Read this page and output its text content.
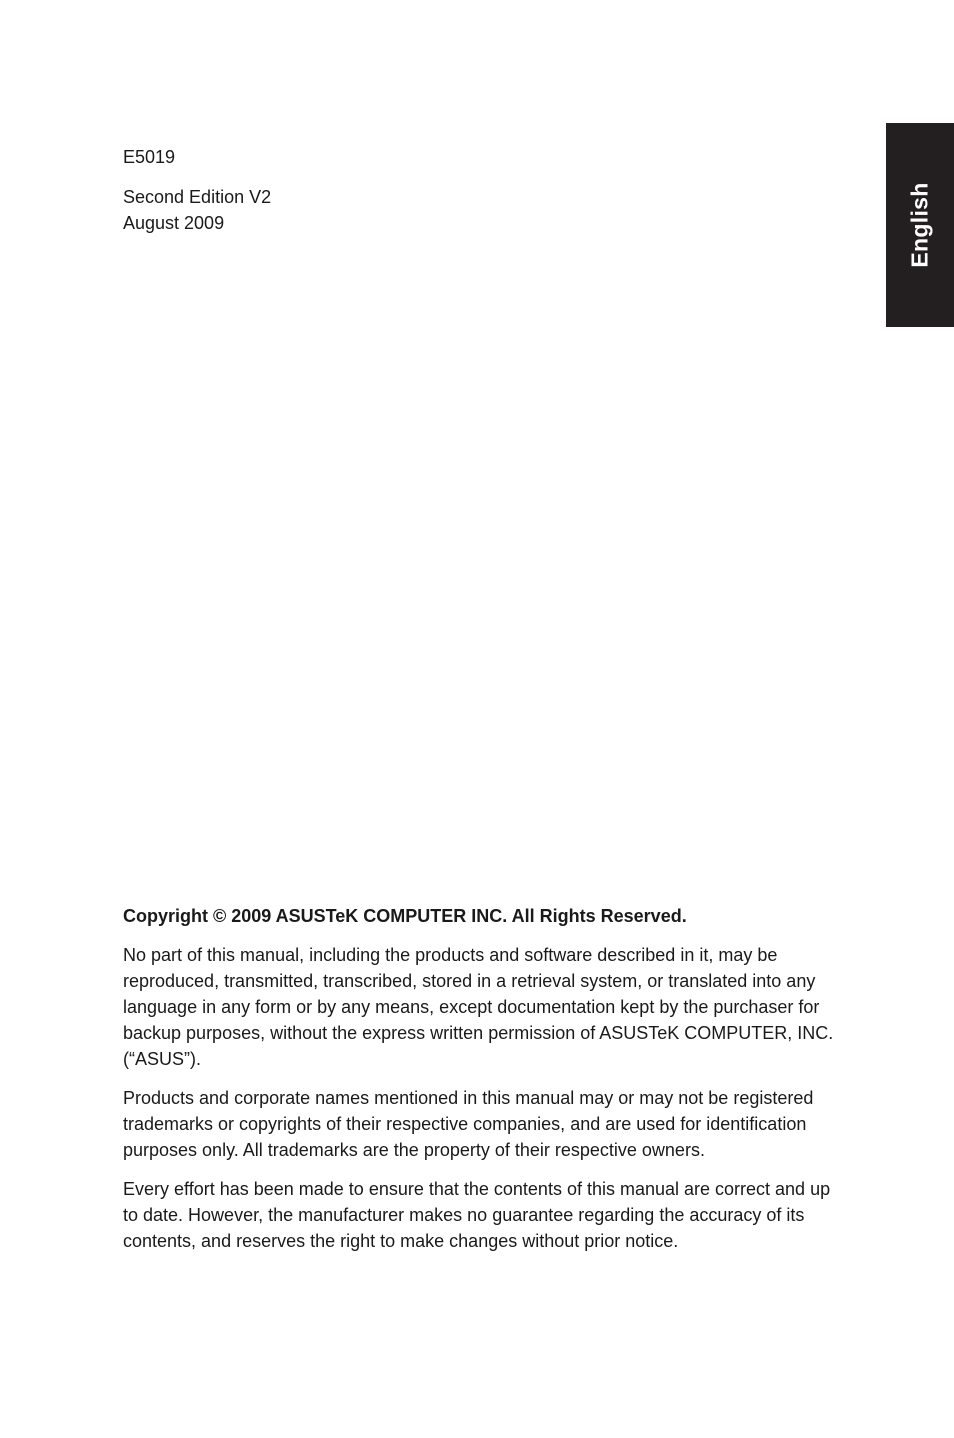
English
E5019
Second Edition V2
August 2009
Copyright © 2009 ASUSTeK COMPUTER INC. All Rights Reserved.

No part of this manual, including the products and software described in it, may be reproduced, transmitted, transcribed, stored in a retrieval system, or translated into any language in any form or by any means, except documentation kept by the purchaser for backup purposes, without the express written permission of ASUSTeK COMPUTER, INC. (“ASUS”).

Products and corporate names mentioned in this manual may or may not be registered trademarks or copyrights of their respective companies, and are used for identification purposes only. All trademarks are the property of their respective owners.

Every effort has been made to ensure that the contents of this manual are correct and up to date. However, the manufacturer makes no guarantee regarding the accuracy of its contents, and reserves the right to make changes without prior notice.
